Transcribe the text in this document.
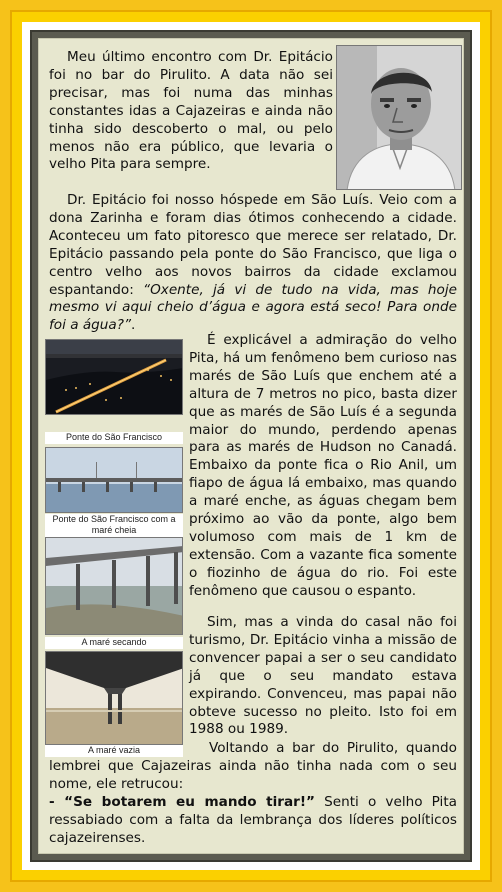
Meu último encontro com Dr. Epitácio foi no bar do Pirulito. A data não sei precisar, mas foi numa das minhas constantes idas a Cajazeiras e ainda não tinha sido descoberto o mal, ou pelo menos não era público, que levaria o velho Pita para sempre.

Dr. Epitácio foi nosso hóspede em São Luís. Veio com a dona Zarinha e foram dias ótimos conhecendo a cidade. Aconteceu um fato pitoresco que merece ser relatado, Dr. Epitácio passando pela ponte do São Francisco, que liga o centro velho aos novos bairros da cidade exclamou espantando: “Oxente, já vi de tudo na vida, mas hoje mesmo vi aqui cheio d’água e agora está seco! Para onde foi a água?”.

Ponte do São Francisco
Ponte do São Francisco com a maré cheia
A maré secando
A maré vazia

É explicável a admiração do velho Pita, há um fenômeno bem curioso nas marés de São Luís que enchem até a altura de 7 metros no pico, basta dizer que as marés de São Luís é a segunda maior do mundo, perdendo apenas para as marés de Hudson no Canadá. Embaixo da ponte fica o Rio Anil, um fiapo de água lá embaixo, mas quando a maré enche, as águas chegam bem próximo ao vão da ponte, algo bem volumoso com mais de 1 km de extensão. Com a vazante fica somente o fiozinho de água do rio. Foi este fenômeno que causou o espanto.

Sim, mas a vinda do casal não foi turismo, Dr. Epitácio vinha a missão de convencer papai a ser o seu candidato já que o seu mandato estava expirando. Convenceu, mas papai não obteve sucesso no pleito. Isto foi em 1988 ou 1989.

Voltando a bar do Pirulito, quando lembrei que Cajazeiras ainda não tinha nada com o seu nome, ele retrucou:

- “Se botarem eu mando tirar!” Senti o velho Pita ressabiado com a falta da lembrança dos líderes políticos cajazeirenses.
